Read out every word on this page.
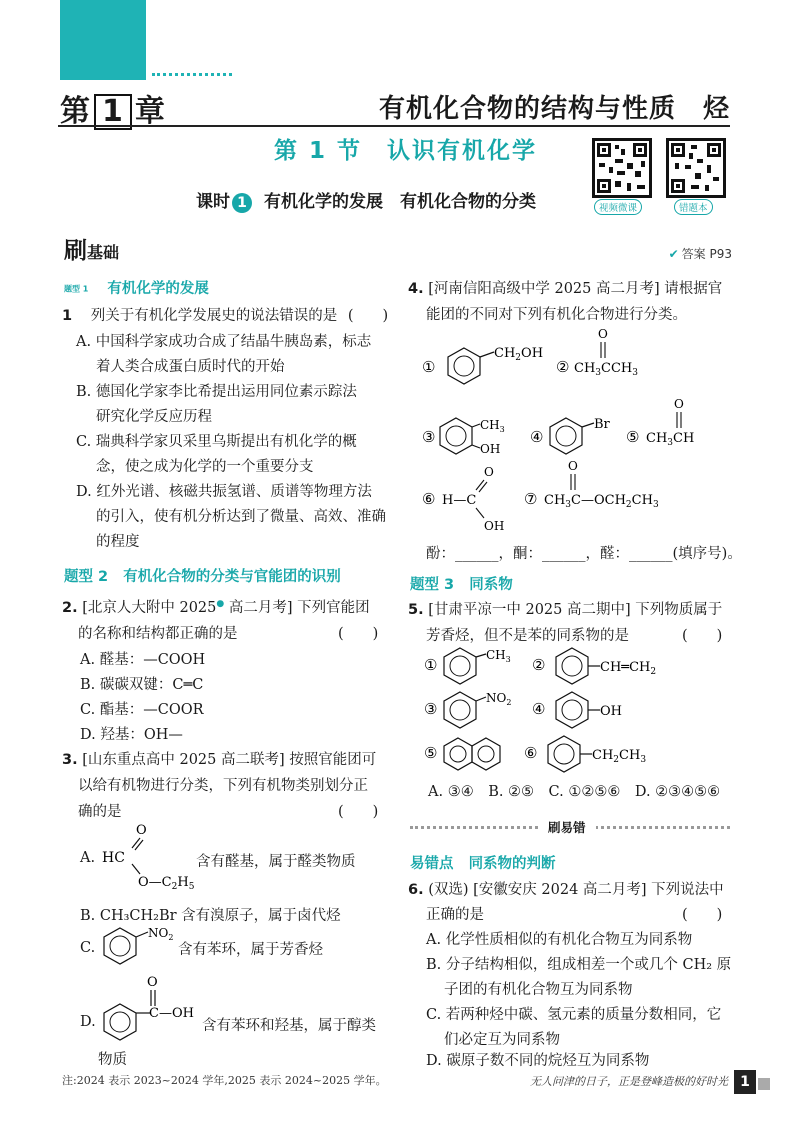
第 1 章	有机化合物的结构与性质　烃
第 1 节　认识有机化学
课时 1 有机化学的发展　有机化合物的分类	视频微课	错题本
刷基础	✔ 答案 P93
题型 1 有机化学的发展
1 列关于有机化学发展史的说法错误的是 (　　)
A. 中国科学家成功合成了结晶牛胰岛素，标志
着人类合成蛋白质时代的开始
B. 德国化学家李比希提出运用同位素示踪法
研究化学反应历程
C. 瑞典科学家贝采里乌斯提出有机化学的概
念，使之成为化学的一个重要分支
D. 红外光谱、核磁共振氢谱、质谱等物理方法
的引入，使有机分析达到了微量、高效、准确
的程度
题型 2 有机化合物的分类与官能团的识别
2. [北京人大附中 2025● 高二月考] 下列官能团
的名称和结构都正确的是	(　　)
A. 醛基：—COOH
B. 碳碳双键：C═C
C. 酯基：—COOR
D. 羟基：OH—
3. [山东重点高中 2025 高二联考] 按照官能团可
以给有机物进行分类，下列有机物类别划分正
确的是	(　　)
A. HC
O
$O—C_2H_5$
含有醛基，属于醛类物质
B. CH₃CH₂Br 含有溴原子，属于卤代烃
C.
$NO_2$
含有苯环，属于芳香烃
D.
C—OH
O
含有苯环和羟基，属于醇类
物质
4. [河南信阳高级中学 2025 高二月考] 请根据官
能团的不同对下列有机化合物进行分类。
①
$CH_2OH$
② $CH_3CCH_3$
O
③
$CH_3$
OH
④
Br
⑤ $CH_3CH$
O
⑥ H—C
O
OH
⑦ $CH_3C—OCH_2CH_3$
O
酚：______，酮：______，醛：______(填序号)。
题型 3 同系物
5. [甘肃平凉一中 2025 高二期中] 下列物质属于
芳香烃，但不是苯的同系物的是	(　　)
①
$CH_3$ ②	$CH═CH_2$
③
$NO_2$ ④	OH
⑤	⑥	$CH_2CH_3$
A. ③④　B. ②⑤　C. ①②⑤⑥　D. ②③④⑤⑥
刷易错
易错点 同系物的判断
6. (双选) [安徽安庆 2024 高二月考] 下列说法中
正确的是	(　　)
A. 化学性质相似的有机化合物互为同系物
B. 分子结构相似，组成相差一个或几个 CH₂ 原
子团的有机化合物互为同系物
C. 若两种烃中碳、氢元素的质量分数相同，它
们必定互为同系物
D. 碳原子数不同的烷烃互为同系物
注:2024 表示 2023~2024 学年,2025 表示 2024~2025 学年。	无人问津的日子，正是登峰造极的好时光 1
